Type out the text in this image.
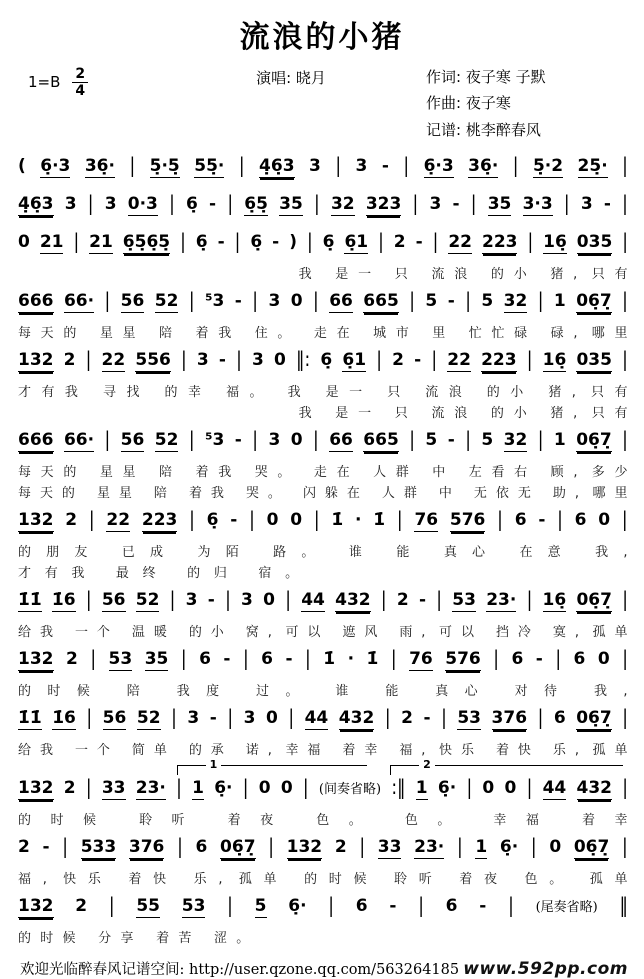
流浪的小猪
$1=B \frac{2}{4}$	演唱: 晓月	作词: 夜子寒 子默
作曲: 夜子寒
记谱: 桃李醉春风
( 6̣·3 36̣· | 5̣·5̣ 55̣· | 4̣6̣3 3 | 3 - | 6̣·3 36̣· | 5̣·2 25̣· |
4̣6̣3 3 | 3 0·3 | 6̣ - | 6̣5̣ 35 | 32 323 | 3 - | 35 3·3 | 3 - |
0 21 | 21 6̣5̣6̣5̣ | 6̣ - | 6̣ - ) | 6̣ 6̣1 | 2 - | 22 223 | 16̣ 035 |
我 是一 只 流浪 的小 猪, 只有
666 66· | 56 52 | ⁵3 - | 3 0 | 66 665 | 5 - | 5 32 | 1 06̣7̣ |
每天的 星星 陪 着我 住。 走在 城市 里 忙忙碌 碌, 哪里
132 2 | 22 556 | 3 - | 3 0 ‖: 6̣ 6̣1 | 2 - | 22 223 | 16̣ 035 |
才有我 寻找 的幸 福。 我 是一 只 流浪 的小 猪, 只有
我 是一 只 流浪 的小 猪, 只有
666 66· | 56 52 | ⁵3 - | 3 0 | 66 665 | 5 - | 5 32 | 1 06̣7̣ |
每天的 星星 陪 着我 哭。 走在 人群 中 左看右 顾, 多少
每天的 星星 陪 着我 哭。 闪躲在 人群 中 无依无 助, 哪里
132 2 | 22 223 | 6̣ - | 0 0 | 1̇ · 1̇ | 76 576 | 6 - | 6 0 |
的朋友 已成 为陌 路。 谁 能 真心 在意 我,
才有我 最终 的归 宿。
1̇1̇ 1̇6 | 56 52 | 3 - | 3 0 | 44 432 | 2 - | 53 23· | 16̣ 06̣7̣ |
给我 一个 温暖 的小 窝, 可以 遮风 雨, 可以 挡冷 寞, 孤单
132 2 | 53 35 | 6 - | 6 - | 1̇ · 1̇ | 76 576 | 6 - | 6 0 |
的时候 陪 我度 过。 谁 能 真心 对待 我,
1̇1̇ 1̇6 | 56 52 | 3 - | 3 0 | 44 432 | 2 - | 53 376 | 6 06̣7̣ |
给我 一个 简单 的承 诺, 幸福 着幸 福, 快乐 着快 乐, 孤单
1	2
132 2 | 33 23· | 1 6̣· | 0 0 | (间奏省略) :‖ 1 6̣· | 0 0 | 44 432 |
的时候 聆听 着夜 色。 色。 幸福 着幸
2 - | 533 376 | 6 06̣7̣ | 132 2 | 33 23· | 1 6̣· | 0 06̣7̣ |
福, 快乐 着快 乐, 孤单 的时候 聆听 着夜 色。 孤单
132 2 | 55 53 | 5 6̣· | 6 - | 6 - | (尾奏省略) ‖
的时候 分享 着苦 涩。
欢迎光临醉春风记谱空间: http://user.qzone.qq.com/563264185 www.592pp.com
